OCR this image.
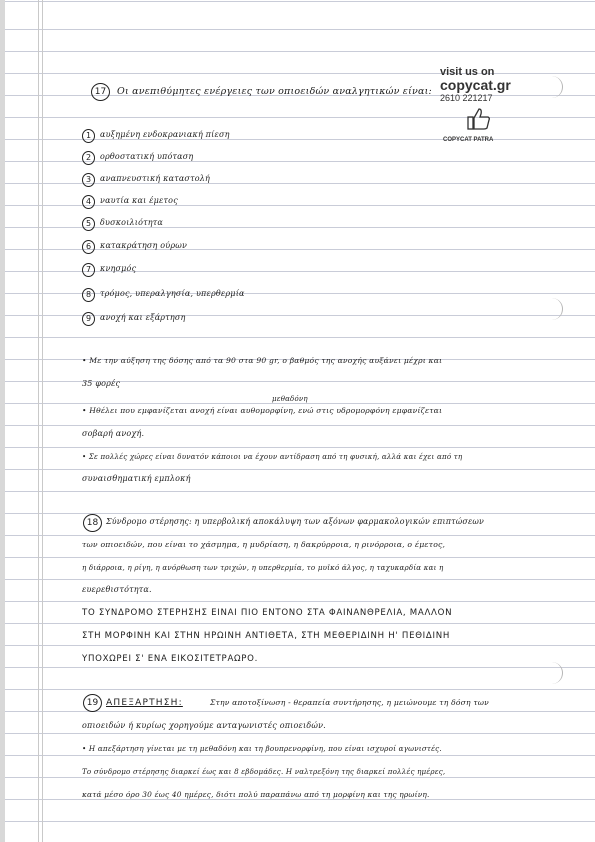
visit us on
copycat.gr
2610 221217
COPYCAT PATRA
17	Οι ανεπιθύμητες ενέργειες των οπιοειδών αναλγητικών είναι:
1	αυξημένη ενδοκρανιακή πίεση
2	ορθοστατική υπόταση
3	αναπνευστική καταστολή
4	ναυτία και έμετος
5	δυσκοιλιότητα
6	κατακράτηση ούρων
7	κνησμός
8	τρόμος, υπεραλγησία, υπερθερμία
9	ανοχή και εξάρτηση
• Με την αύξηση της δόσης από τα 90 στα 90 gr, ο βαθμός της ανοχής αυξάνει μέχρι και
35 φορές
μεθαδόνη
• Ηθέλει που εμφανίζεται ανοχή είναι αυθομορφίνη, ενώ στις υδρομορφόνη εμφανίζεται
σοβαρή ανοχή.
• Σε πολλές χώρες είναι δυνατόν κάποιοι να έχουν αντίδραση από τη φυσική, αλλά και έχει από τη
συναισθηματική εμπλοκή
18 Σύνδρομο στέρησης: η υπερβολική αποκάλυψη των αξόνων φαρμακολογικών επιπτώσεων
των οπιοειδών, που είναι το χάσμημα, η μυδρίαση, η δακρύρροια, η ρινόρροια, ο έμετος,
η διάρροια, η ρίγη, η ανόρθωση των τριχών, η υπερθερμία, το μυϊκό άλγος, η ταχυκαρδία και η
ευερεθιστότητα.
ΤΟ ΣΥΝΔΡΟΜΟ ΣΤΕΡΗΣΗΣ ΕΙΝΑΙ ΠΙΟ ΕΝΤΟΝΟ ΣΤΑ ΦΑΙΝΑΝΘΡΕΛΙΑ, ΜΑΛΛΟΝ
ΣΤΗ ΜΟΡΦΙΝΗ ΚΑΙ ΣΤΗΝ ΗΡΩΙΝΗ ΑΝΤΙΘΕΤΑ, ΣΤΗ ΜΕΘΕΡΙΔΙΝΗ Η' ΠΕΘΙΔΙΝΗ
ΥΠΟΧΩΡΕΙ Σ' ΕΝΑ ΕΙΚΟΣΙΤΕΤΡΑΩΡΟ.
19 ΑΠΕΞΑΡΤΗΣΗ:	Στην αποτοξίνωση - θεραπεία συντήρησης, η μειώνουμε τη δόση των
οπιοειδών ή κυρίως χορηγούμε ανταγωνιστές οπιοειδών.
• Η απεξάρτηση γίνεται με τη μεθαδόνη και τη βουπρενορφίνη, που είναι ισχυροί αγωνιστές.
Το σύνδρομο στέρησης διαρκεί έως και 8 εβδομάδες. Η ναλτρεξόνη της διαρκεί πολλές ημέρες,
κατά μέσο όρο 30 έως 40 ημέρες, διότι πολύ παραπάνω από τη μορφίνη και της ηρωίνη.
